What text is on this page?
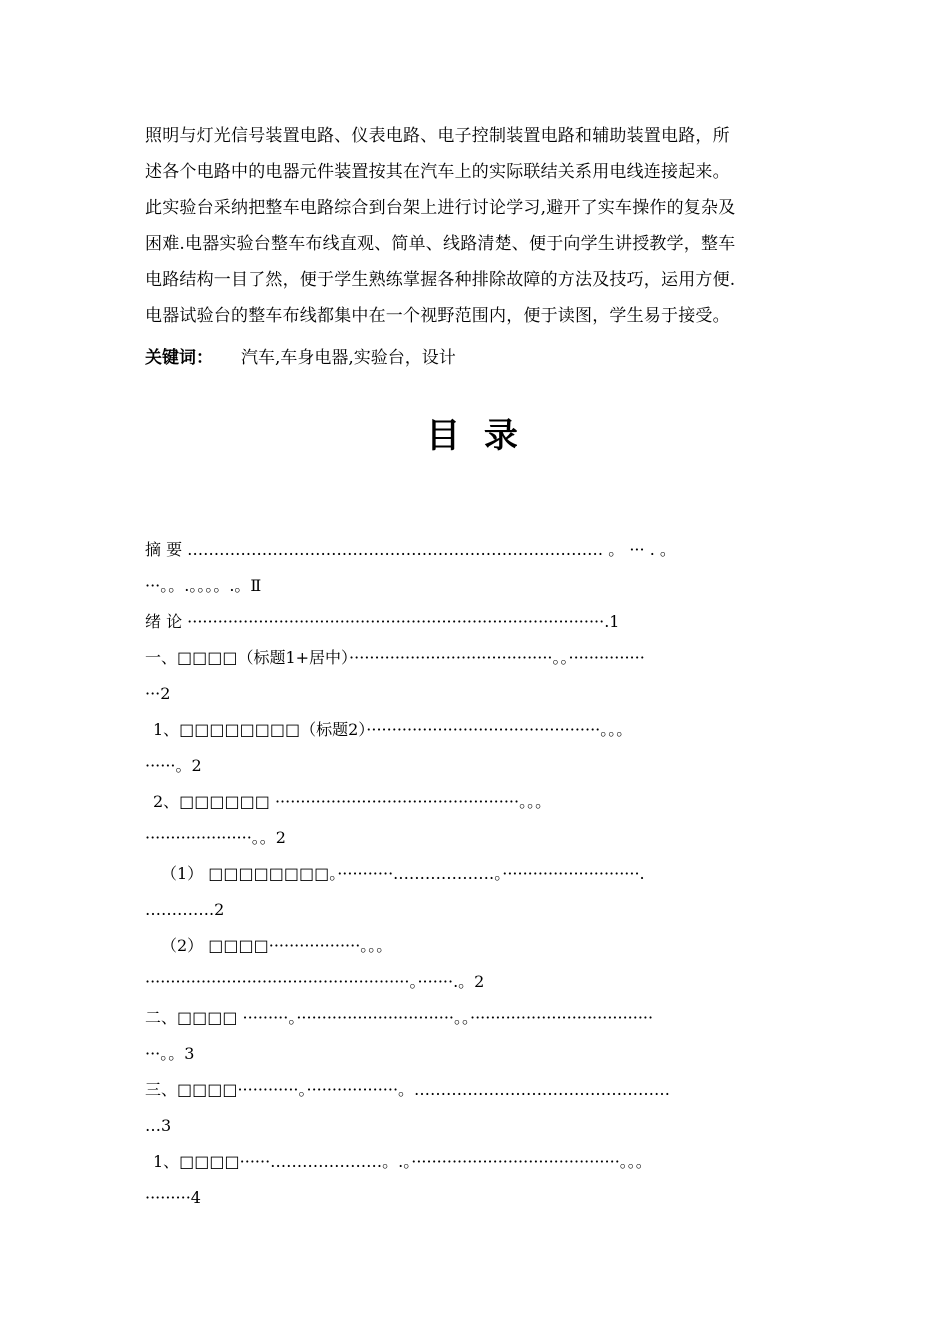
照明与灯光信号装置电路、仪表电路、电子控制装置电路和辅助装置电路，所
述各个电路中的电器元件装置按其在汽车上的实际联结关系用电线连接起来。
此实验台采纳把整车电路综合到台架上进行讨论学习,避开了实车操作的复杂及
困难.电器实验台整车布线直观、简单、线路清楚、便于向学生讲授教学，整车
电路结构一目了然，便于学生熟练掌握各种排除故障的方法及技巧，运用方便.
电器试验台的整车布线都集中在一个视野范围内，便于读图，学生易于接受。
关键词： 汽车,车身电器,实验台，设计
目 录
摘 要 …………………………………………………………………… 。 ··· . 。
···。。.。。。。.。Ⅱ
绪 论 ··················································································.1
一、□□□□（标题1+居中）········································。。···············
···2
1、□□□□□□□□（标题2）··············································。。。
······。2
2、□□□□□□ ················································。。。
·····················。。2
（1） □□□□□□□□。···········.………………。···························.
………….2
（2） □□□□··················。。。
····················································。·······.。2
二、□□□□ ·········。·······························。。····································
···。。3
三、□□□□············。··················。…………………………………………
…3
1、□□□□······…………………。.。·········································。。。
·········4
